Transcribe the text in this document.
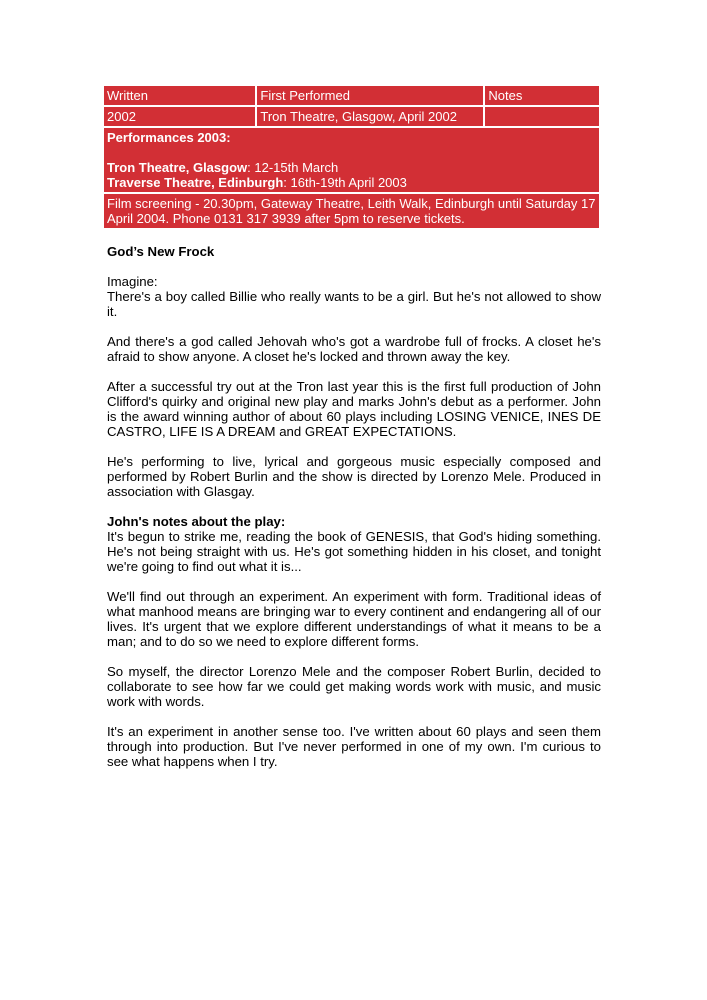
Written	First Performed	Notes
2002	Tron Theatre, Glasgow, April 2002	

Performances 2003:
Tron Theatre, Glasgow: 12-15th March
Traverse Theatre, Edinburgh: 16th-19th April 2003		

Film screening - 20.30pm, Gateway Theatre, Leith Walk, Edinburgh until Saturday 17 April 2004. Phone 0131 317 3939 after 5pm to reserve tickets.		

God’s New Frock

Imagine:
There's a boy called Billie who really wants to be a girl. But he's not allowed to show it.

And there's a god called Jehovah who's got a wardrobe full of frocks. A closet he's afraid to show anyone. A closet he's locked and thrown away the key.

After a successful try out at the Tron last year this is the first full production of John Clifford's quirky and original new play and marks John's debut as a performer. John is the award winning author of about 60 plays including LOSING VENICE, INES DE CASTRO, LIFE IS A DREAM and GREAT EXPECTATIONS.

He's performing to live, lyrical and gorgeous music especially composed and performed by Robert Burlin and the show is directed by Lorenzo Mele. Produced in association with Glasgay.

John's notes about the play:
It's begun to strike me, reading the book of GENESIS, that God's hiding something. He's not being straight with us. He's got something hidden in his closet, and tonight we're going to find out what it is...

We'll find out through an experiment. An experiment with form. Traditional ideas of what manhood means are bringing war to every continent and endangering all of our lives. It's urgent that we explore different understandings of what it means to be a man; and to do so we need to explore different forms.

So myself, the director Lorenzo Mele and the composer Robert Burlin, decided to collaborate to see how far we could get making words work with music, and music work with words.

It's an experiment in another sense too. I've written about 60 plays and seen them through into production. But I've never performed in one of my own. I'm curious to see what happens when I try.
